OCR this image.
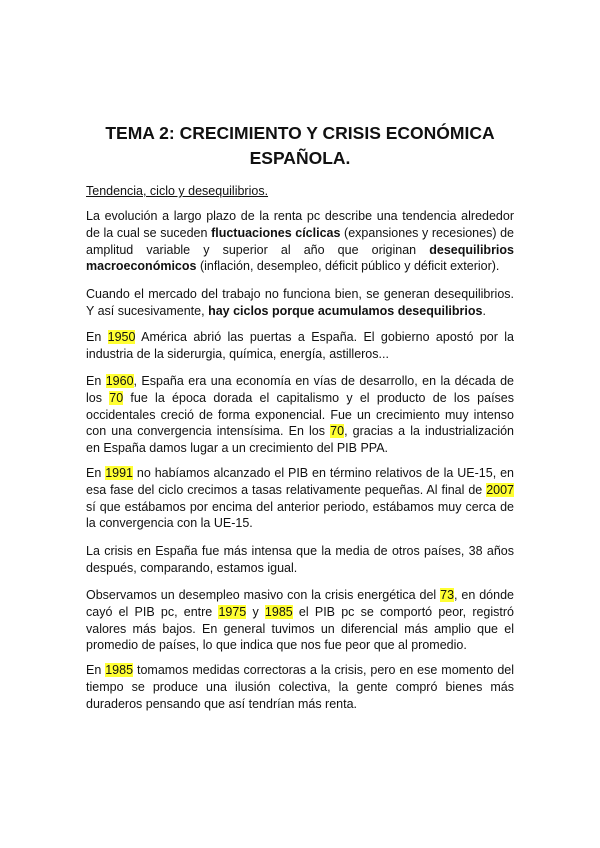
TEMA 2: CRECIMIENTO Y CRISIS ECONÓMICA
ESPAÑOLA.

Tendencia, ciclo y desequilibrios.

La evolución a largo plazo de la renta pc describe una tendencia alrededor de la cual se suceden fluctuaciones cíclicas (expansiones y recesiones) de amplitud variable y superior al año que originan desequilibrios macroeconómicos (inflación, desempleo, déficit público y déficit exterior).

Cuando el mercado del trabajo no funciona bien, se generan desequilibrios. Y así sucesivamente, hay ciclos porque acumulamos desequilibrios.

En 1950 América abrió las puertas a España. El gobierno apostó por la industria de la siderurgia, química, energía, astilleros...

En 1960, España era una economía en vías de desarrollo, en la década de los 70 fue la época dorada el capitalismo y el producto de los países occidentales creció de forma exponencial. Fue un crecimiento muy intenso con una convergencia intensísima. En los 70, gracias a la industrialización en España damos lugar a un crecimiento del PIB PPA.

En 1991 no habíamos alcanzado el PIB en término relativos de la UE-15, en esa fase del ciclo crecimos a tasas relativamente pequeñas. Al final de 2007 sí que estábamos por encima del anterior periodo, estábamos muy cerca de la convergencia con la UE-15.

La crisis en España fue más intensa que la media de otros países, 38 años después, comparando, estamos igual.

Observamos un desempleo masivo con la crisis energética del 73, en dónde cayó el PIB pc, entre 1975 y 1985 el PIB pc se comportó peor, registró valores más bajos. En general tuvimos un diferencial más amplio que el promedio de países, lo que indica que nos fue peor que al promedio.

En 1985 tomamos medidas correctoras a la crisis, pero en ese momento del tiempo se produce una ilusión colectiva, la gente compró bienes más duraderos pensando que así tendrían más renta.
